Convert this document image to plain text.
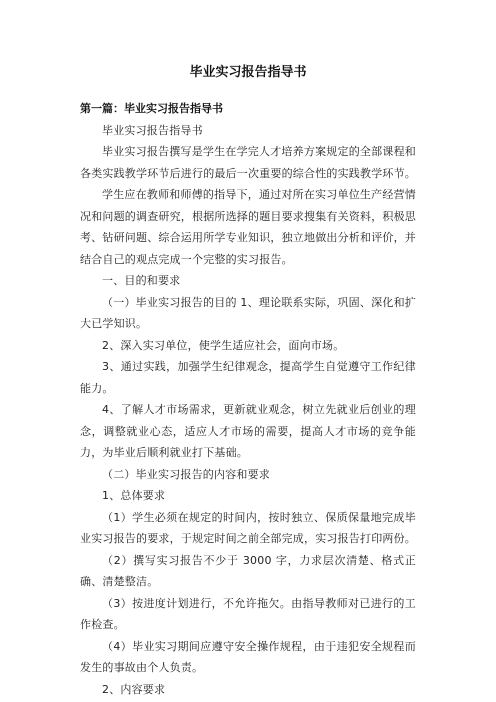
毕业实习报告指导书
第一篇：毕业实习报告指导书

毕业实习报告指导书

毕业实习报告撰写是学生在学完人才培养方案规定的全部课程和各类实践教学环节后进行的最后一次重要的综合性的实践教学环节。

学生应在教师和师傅的指导下，通过对所在实习单位生产经营情况和问题的调查研究，根据所选择的题目要求搜集有关资料，积极思考、钻研问题、综合运用所学专业知识，独立地做出分析和评价，并结合自己的观点完成一个完整的实习报告。

一、目的和要求

（一）毕业实习报告的目的 1、理论联系实际，巩固、深化和扩大已学知识。

2、深入实习单位，使学生适应社会，面向市场。

3、通过实践，加强学生纪律观念，提高学生自觉遵守工作纪律能力。

4、了解人才市场需求，更新就业观念，树立先就业后创业的理念，调整就业心态，适应人才市场的需要，提高人才市场的竞争能力，为毕业后顺利就业打下基础。

（二）毕业实习报告的内容和要求

1、总体要求

（1）学生必须在规定的时间内，按时独立、保质保量地完成毕业实习报告的要求，于规定时间之前全部完成，实习报告打印两份。

（2）撰写实习报告不少于 3000 字，力求层次清楚、格式正确、清楚整洁。

（3）按进度计划进行，不允许拖欠。由指导教师对已进行的工作检查。

（4）毕业实习期间应遵守安全操作规程，由于违犯安全规程而发生的事故由个人负责。

2、内容要求
